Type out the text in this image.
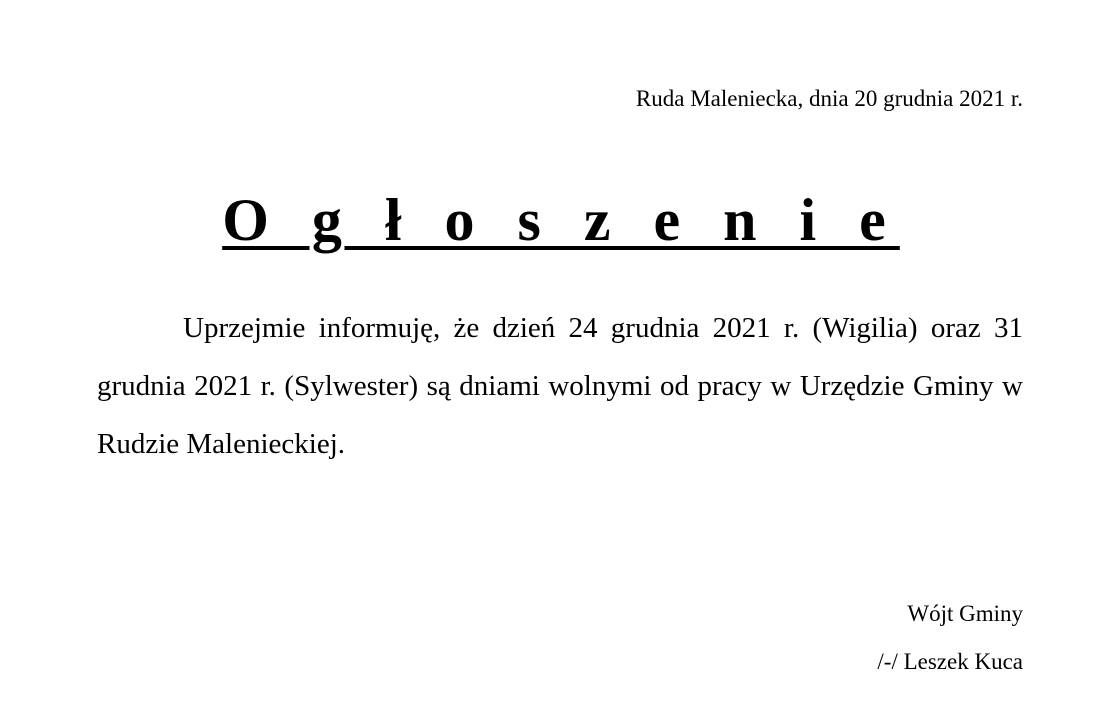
Ruda Maleniecka, dnia 20 grudnia 2021 r.
O g ł o s z e n i e

Uprzejmie informuję, że dzień 24 grudnia 2021 r. (Wigilia) oraz 31 grudnia 2021 r. (Sylwester) są dniami wolnymi od pracy w Urzędzie Gminy w Rudzie Malenieckiej.

Wójt Gminy
/-/ Leszek Kuca
